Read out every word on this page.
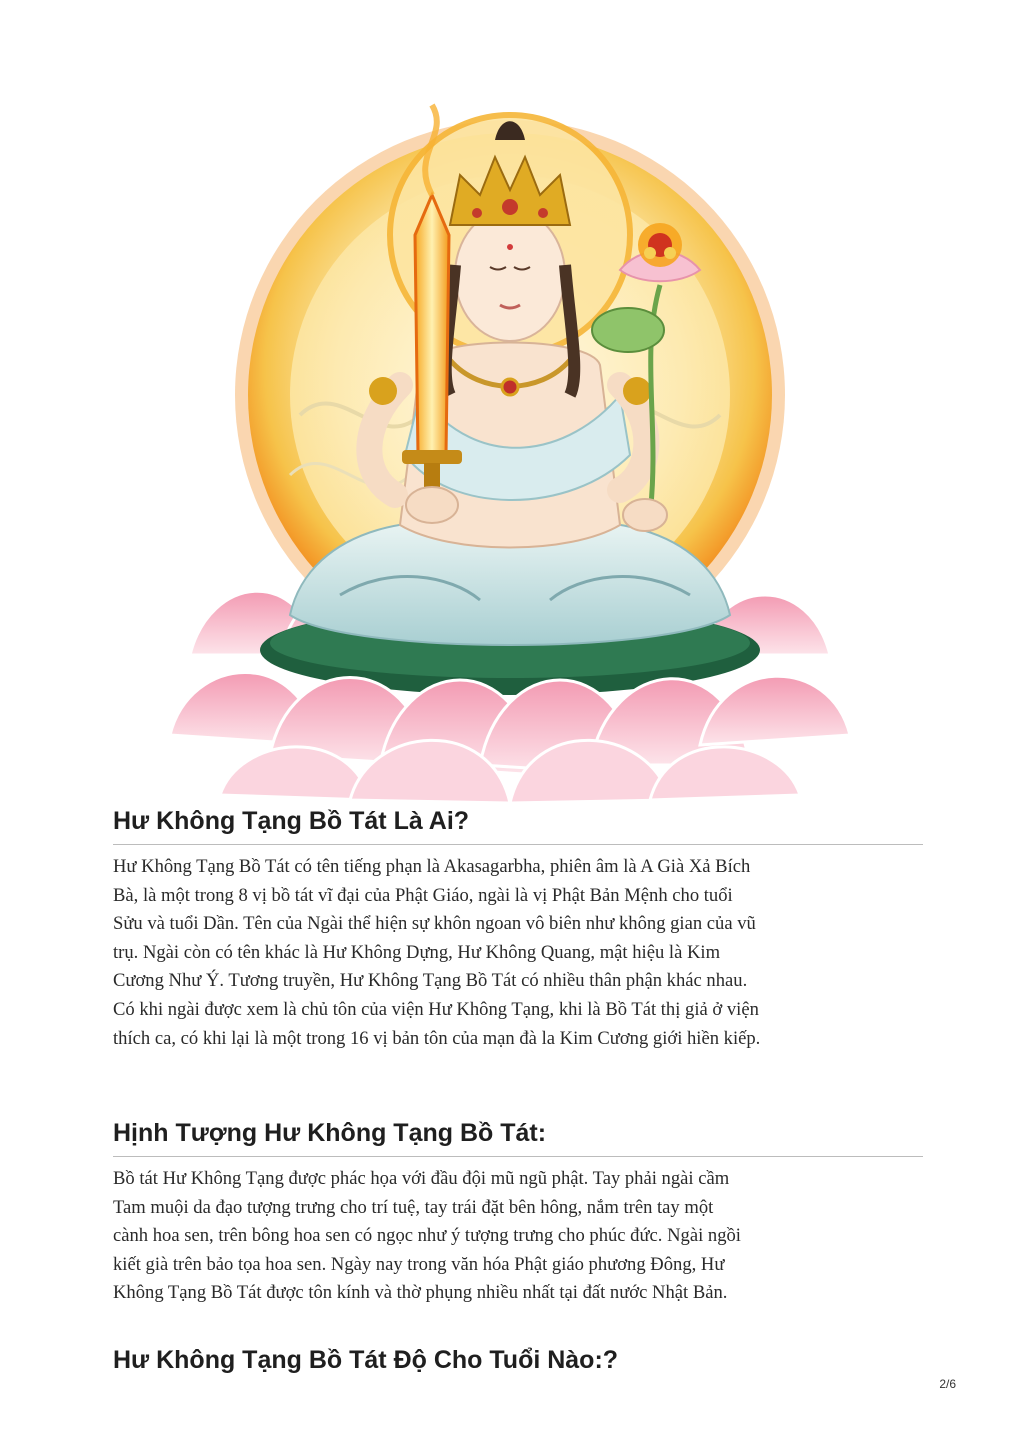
Hư Không Tạng Bồ Tát Là Ai?

Hư Không Tạng Bồ Tát có tên tiếng phạn là Akasagarbha, phiên âm là A Già Xả Bích
Bà, là một trong 8 vị bồ tát vĩ đại của Phật Giáo, ngài là vị Phật Bản Mệnh cho tuổi
Sửu và tuổi Dần. Tên của Ngài thể hiện sự khôn ngoan vô biên như không gian của vũ
trụ. Ngài còn có tên khác là Hư Không Dựng, Hư Không Quang, mật hiệu là Kim
Cương Như Ý. Tương truyền, Hư Không Tạng Bồ Tát có nhiều thân phận khác nhau.
Có khi ngài được xem là chủ tôn của viện Hư Không Tạng, khi là Bồ Tát thị giả ở viện
thích ca, có khi lại là một trong 16 vị bản tôn của mạn đà la Kim Cương giới hiền kiếp.

Hịnh Tượng Hư Không Tạng Bồ Tát:

Bồ tát Hư Không Tạng được phác họa với đầu đội mũ ngũ phật. Tay phải ngài cầm
Tam muội da đạo tượng trưng cho trí tuệ, tay trái đặt bên hông, nắm trên tay một
cành hoa sen, trên bông hoa sen có ngọc như ý tượng trưng cho phúc đức. Ngài ngồi
kiết già trên bảo tọa hoa sen. Ngày nay trong văn hóa Phật giáo phương Đông, Hư
Không Tạng Bồ Tát được tôn kính và thờ phụng nhiều nhất tại đất nước Nhật Bản.

Hư Không Tạng Bồ Tát Độ Cho Tuổi Nào:?
2/6
